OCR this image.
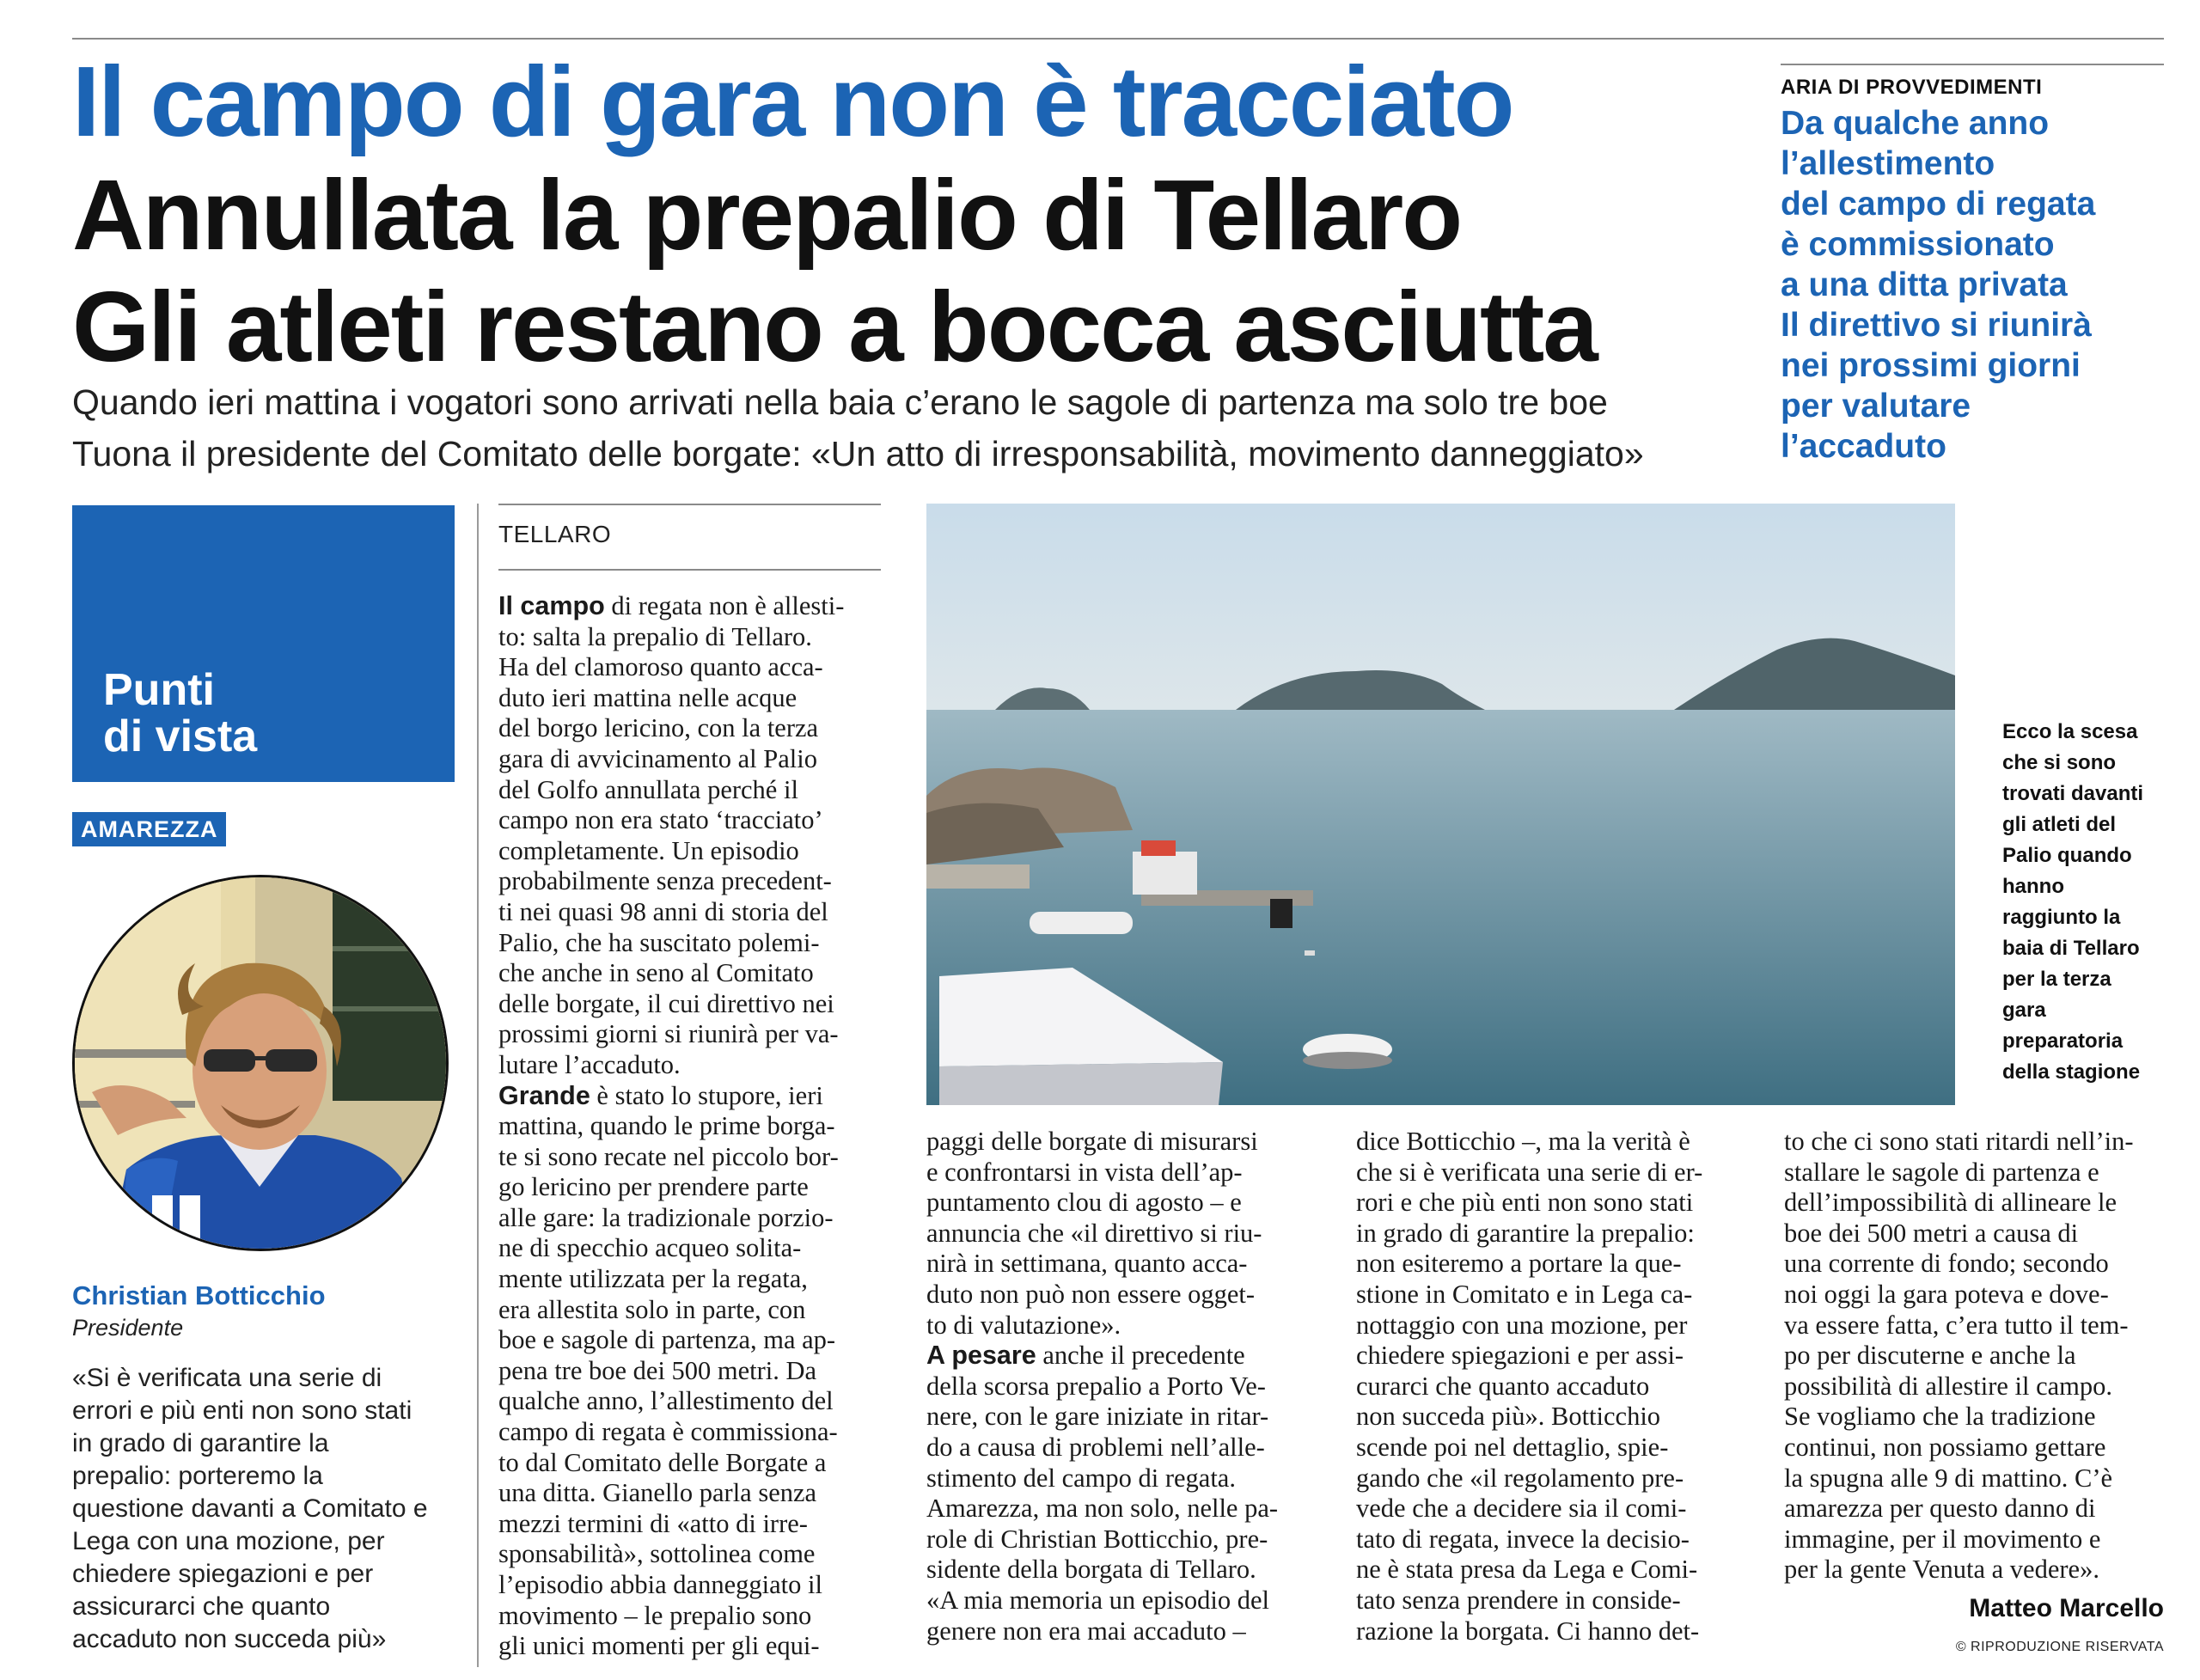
Il campo di gara non è tracciato
Annullata la prepalio di Tellaro
Gli atleti restano a bocca asciutta

Quando ieri mattina i vogatori sono arrivati nella baia c’erano le sagole di partenza ma solo tre boe

Tuona il presidente del Comitato delle borgate: «Un atto di irresponsabilità, movimento danneggiato»

ARIA DI PROVVEDIMENTI
Da qualche anno
l’allestimento
del campo di regata
è commissionato
a una ditta privata
Il direttivo si riunirà
nei prossimi giorni
per valutare
l’accaduto
Punti
di vista
AMAREZZA
Christian Botticchio
Presidente
«Si è verificata una serie di
errori e più enti non sono stati
in grado di garantire la
prepalio: porteremo la
questione davanti a Comitato e
Lega con una mozione, per
chiedere spiegazioni e per
assicurarci che quanto
accaduto non succeda più»
TELLARO
Il campo di regata non è allesti-
to: salta la prepalio di Tellaro.
Ha del clamoroso quanto acca-
duto ieri mattina nelle acque
del borgo lericino, con la terza
gara di avvicinamento al Palio
del Golfo annullata perché il
campo non era stato ‘tracciato’
completamente. Un episodio
probabilmente senza precedent-
ti nei quasi 98 anni di storia del
Palio, che ha suscitato polemi-
che anche in seno al Comitato
delle borgate, il cui direttivo nei
prossimi giorni si riunirà per va-
lutare l’accaduto.
Grande è stato lo stupore, ieri
mattina, quando le prime borga-
te si sono recate nel piccolo bor-
go lericino per prendere parte
alle gare: la tradizionale porzio-
ne di specchio acqueo solita-
mente utilizzata per la regata,
era allestita solo in parte, con
boe e sagole di partenza, ma ap-
pena tre boe dei 500 metri. Da
qualche anno, l’allestimento del
campo di regata è commissiona-
to dal Comitato delle Borgate a
una ditta. Gianello parla senza
mezzi termini di «atto di irre-
sponsabilità», sottolinea come
l’episodio abbia danneggiato il
movimento – le prepalio sono
gli unici momenti per gli equi-
Ecco la scesa
che si sono
trovati davanti
gli atleti del
Palio quando
hanno
raggiunto la
baia di Tellaro
per la terza
gara
preparatoria
della stagione
paggi delle borgate di misurarsi
e confrontarsi in vista dell’ap-
puntamento clou di agosto – e
annuncia che «il direttivo si riu-
nirà in settimana, quanto acca-
duto non può non essere ogget-
to di valutazione».
A pesare anche il precedente
della scorsa prepalio a Porto Ve-
nere, con le gare iniziate in ritar-
do a causa di problemi nell’alle-
stimento del campo di regata.
Amarezza, ma non solo, nelle pa-
role di Christian Botticchio, pre-
sidente della borgata di Tellaro.
«A mia memoria un episodio del
genere non era mai accaduto –
dice Botticchio –, ma la verità è
che si è verificata una serie di er-
rori e che più enti non sono stati
in grado di garantire la prepalio:
non esiteremo a portare la que-
stione in Comitato e in Lega ca-
nottaggio con una mozione, per
chiedere spiegazioni e per assi-
curarci che quanto accaduto
non succeda più». Botticchio
scende poi nel dettaglio, spie-
gando che «il regolamento pre-
vede che a decidere sia il comi-
tato di regata, invece la decisio-
ne è stata presa da Lega e Comi-
tato senza prendere in conside-
razione la borgata. Ci hanno det-
to che ci sono stati ritardi nell’in-
stallare le sagole di partenza e
dell’impossibilità di allineare le
boe dei 500 metri a causa di
una corrente di fondo; secondo
noi oggi la gara poteva e dove-
va essere fatta, c’era tutto il tem-
po per discuterne e anche la
possibilità di allestire il campo.
Se vogliamo che la tradizione
continui, non possiamo gettare
la spugna alle 9 di mattino. C’è
amarezza per questo danno di
immagine, per il movimento e
per la gente Venuta a vedere».
Matteo Marcello
© RIPRODUZIONE RISERVATA
